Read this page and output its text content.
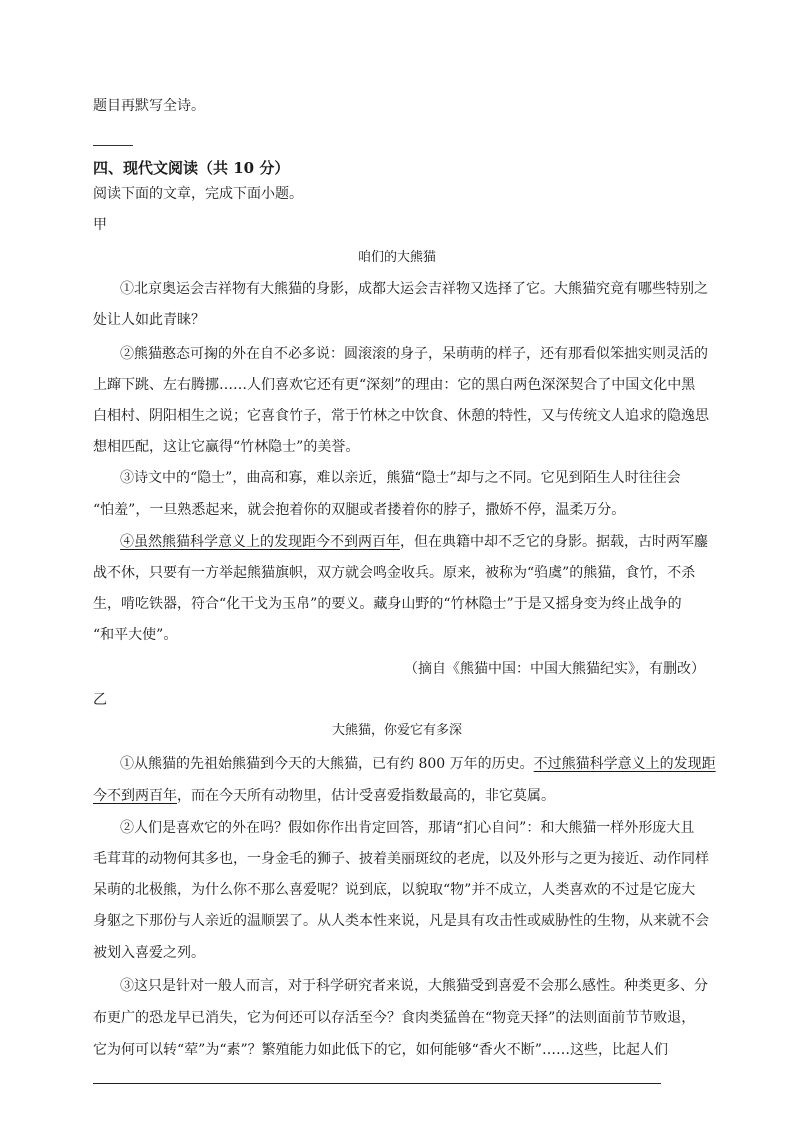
题目再默写全诗。
四、现代文阅读（共 10 分）
阅读下面的文章，完成下面小题。
甲
咱们的大熊猫
①北京奥运会吉祥物有大熊猫的身影，成都大运会吉祥物又选择了它。大熊猫究竟有哪些特别之
处让人如此青睐？
②熊猫憨态可掬的外在自不必多说：圆滚滚的身子，呆萌萌的样子，还有那看似笨拙实则灵活的
上蹿下跳、左右腾挪……人们喜欢它还有更“深刻”的理由：它的黑白两色深深契合了中国文化中黑
白相村、阴阳相生之说；它喜食竹子，常于竹林之中饮食、休憩的特性，又与传统文人追求的隐逸思
想相匹配，这让它赢得“竹林隐士”的美誉。
③诗文中的“隐士”，曲高和寡，难以亲近，熊猫“隐士”却与之不同。它见到陌生人时往往会
“怕羞”，一旦熟悉起来，就会抱着你的双腿或者搂着你的脖子，撒娇不停，温柔万分。
④虽然熊猫科学意义上的发现距今不到两百年，但在典籍中却不乏它的身影。据载，古时两军鏖
战不休，只要有一方举起熊猫旗帜，双方就会鸣金收兵。原来，被称为“驺虞”的熊猫，食竹，不杀
生，啃吃铁器，符合“化干戈为玉帛”的要义。藏身山野的“竹林隐士”于是又摇身变为终止战争的
“和平大使”。
（摘自《熊猫中国：中国大熊猫纪实》，有删改）
乙
大熊猫，你爱它有多深
①从熊猫的先祖始熊猫到今天的大熊猫，已有约 800 万年的历史。不过熊猫科学意义上的发现距
今不到两百年，而在今天所有动物里，估计受喜爱指数最高的，非它莫属。
②人们是喜欢它的外在吗？假如你作出肯定回答，那请“扪心自问”：和大熊猫一样外形庞大且
毛茸茸的动物何其多也，一身金毛的狮子、披着美丽斑纹的老虎，以及外形与之更为接近、动作同样
呆萌的北极熊，为什么你不那么喜爱呢？说到底，以貌取“物”并不成立，人类喜欢的不过是它庞大
身躯之下那份与人亲近的温顺罢了。从人类本性来说，凡是具有攻击性或威胁性的生物，从来就不会
被划入喜爱之列。
③这只是针对一般人而言，对于科学研究者来说，大熊猫受到喜爱不会那么感性。种类更多、分
布更广的恐龙早已消失，它为何还可以存活至今？食肉类猛兽在“物竞天择”的法则面前节节败退，
它为何可以转“荤”为“素”？繁殖能力如此低下的它，如何能够“香火不断”……这些，比起人们
